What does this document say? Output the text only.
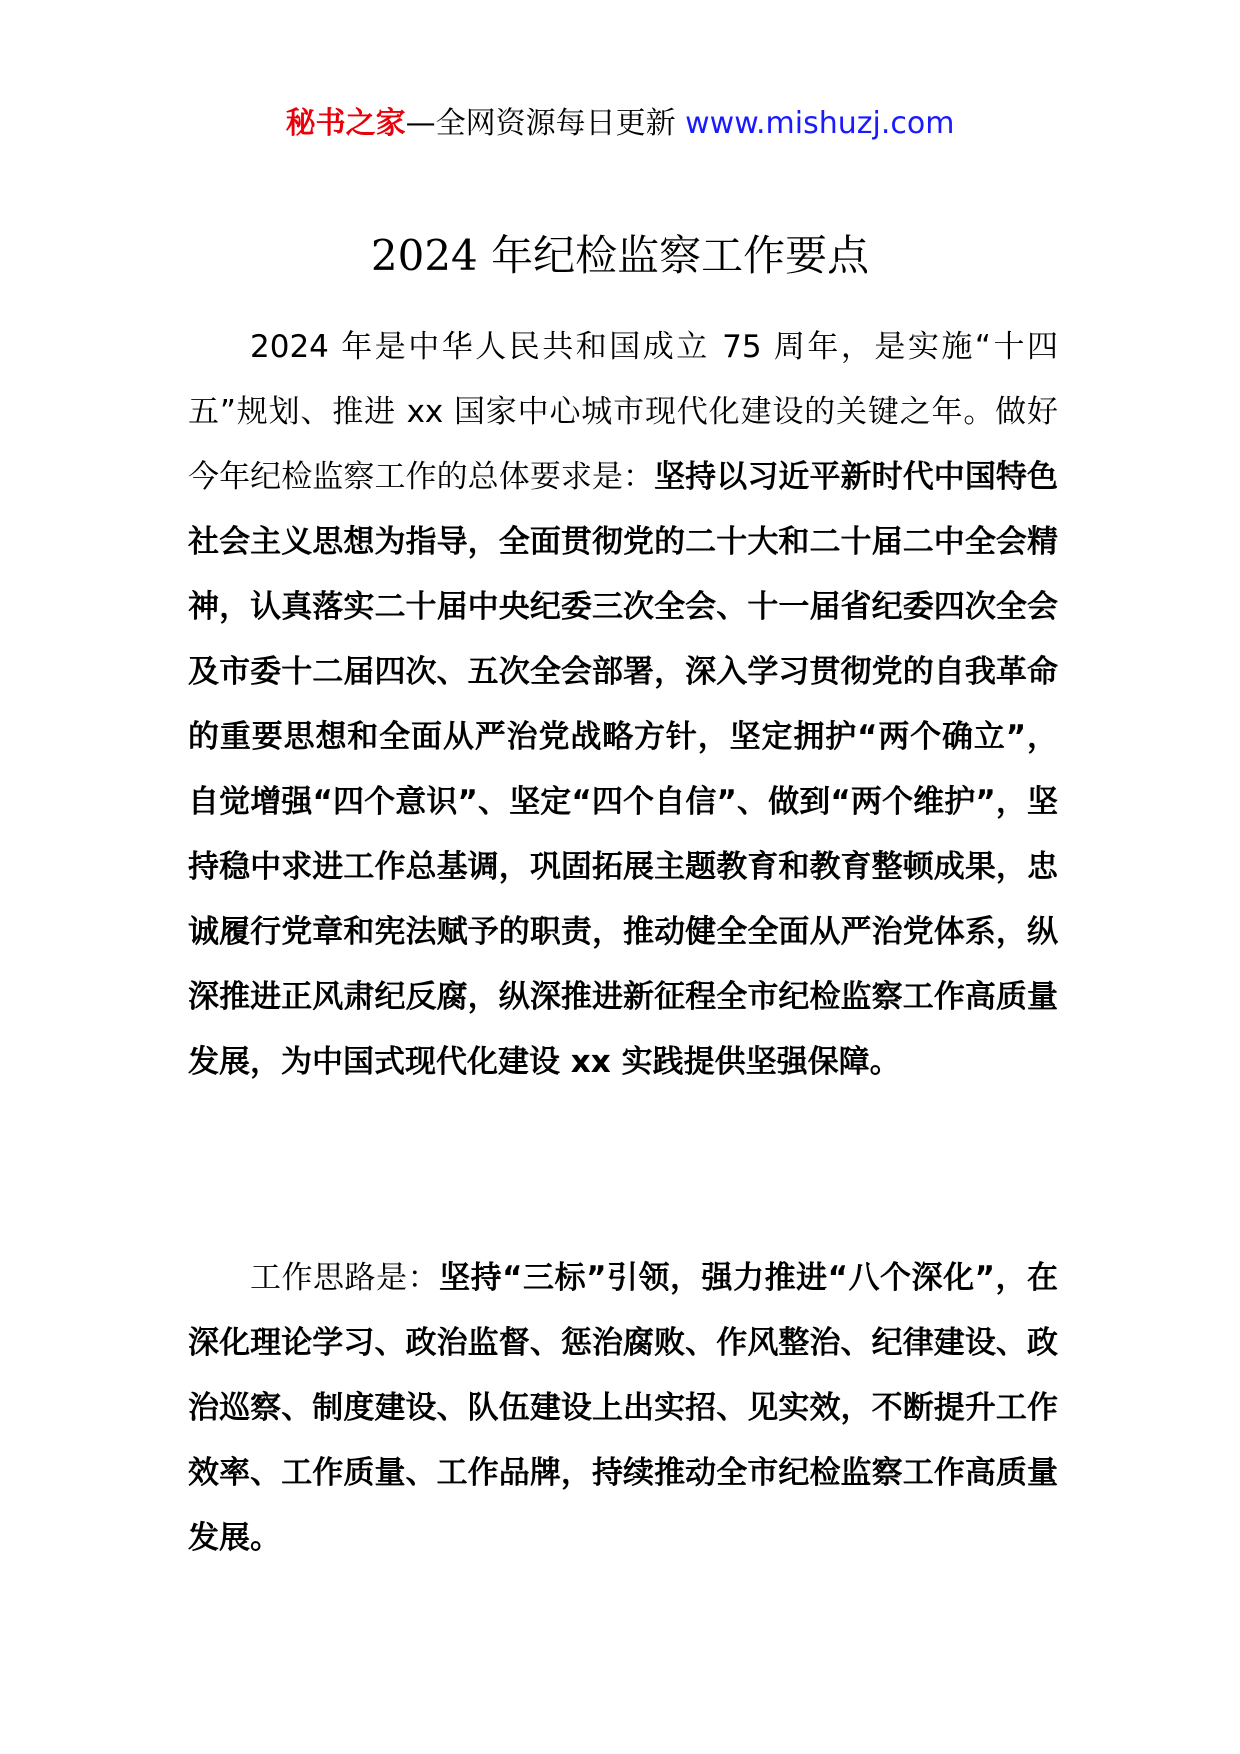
秘书之家—全网资源每日更新 www.mishuzj.com
2024 年纪检监察工作要点

2024 年是中华人民共和国成立 75 周年，是实施“十四五”规划、推进 xx 国家中心城市现代化建设的关键之年。做好今年纪检监察工作的总体要求是：坚持以习近平新时代中国特色社会主义思想为指导，全面贯彻党的二十大和二十届二中全会精神，认真落实二十届中央纪委三次全会、十一届省纪委四次全会及市委十二届四次、五次全会部署，深入学习贯彻党的自我革命的重要思想和全面从严治党战略方针，坚定拥护“两个确立”，自觉增强“四个意识”、坚定“四个自信”、做到“两个维护”，坚持稳中求进工作总基调，巩固拓展主题教育和教育整顿成果，忠诚履行党章和宪法赋予的职责，推动健全全面从严治党体系，纵深推进正风肃纪反腐，纵深推进新征程全市纪检监察工作高质量发展，为中国式现代化建设 xx 实践提供坚强保障。

工作思路是：坚持“三标”引领，强力推进“八个深化”，在深化理论学习、政治监督、惩治腐败、作风整治、纪律建设、政治巡察、制度建设、队伍建设上出实招、见实效，不断提升工作效率、工作质量、工作品牌，持续推动全市纪检监察工作高质量发展。
